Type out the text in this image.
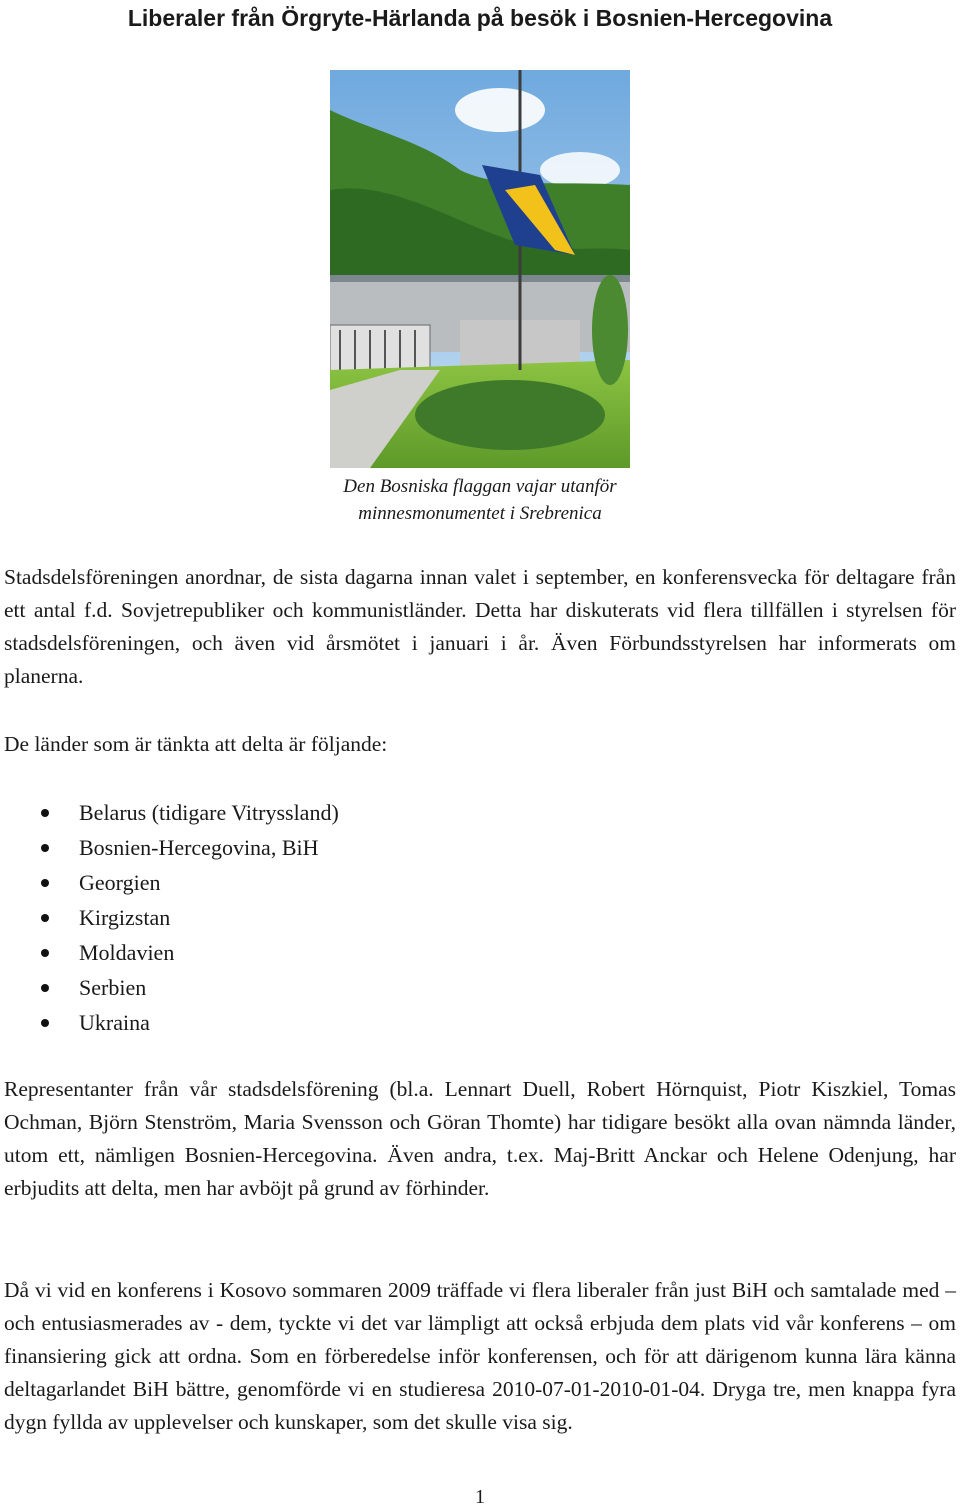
Liberaler från Örgryte-Härlanda på besök i Bosnien-Hercegovina
Den Bosniska flaggan vajar utanför
minnesmonumentet i Srebrenica

Stadsdelsföreningen anordnar, de sista dagarna innan valet i september, en konferensvecka för deltagare från ett antal f.d. Sovjetrepubliker och kommunistländer. Detta har diskuterats vid flera tillfällen i styrelsen för stadsdelsföreningen, och även vid årsmötet i januari i år. Även Förbundsstyrelsen har informerats om planerna.

De länder som är tänkta att delta är följande:

Belarus (tidigare Vitryssland)
Bosnien-Hercegovina, BiH
Georgien
Kirgizstan
Moldavien
Serbien
Ukraina

Representanter från vår stadsdelsförening (bl.a. Lennart Duell, Robert Hörnquist, Piotr Kiszkiel, Tomas Ochman, Björn Stenström, Maria Svensson och Göran Thomte) har tidigare besökt alla ovan nämnda länder, utom ett, nämligen Bosnien-Hercegovina. Även andra, t.ex. Maj-Britt Anckar och Helene Odenjung, har erbjudits att delta, men har avböjt på grund av förhinder.

Då vi vid en konferens i Kosovo sommaren 2009 träffade vi flera liberaler från just BiH och samtalade med – och entusiasmerades av - dem, tyckte vi det var lämpligt att också erbjuda dem plats vid vår konferens – om finansiering gick att ordna. Som en förberedelse inför konferensen, och för att därigenom kunna lära känna deltagarlandet BiH bättre, genomförde vi en studieresa 2010-07-01-2010-01-04. Dryga tre, men knappa fyra dygn fyllda av upplevelser och kunskaper, som det skulle visa sig.

1
